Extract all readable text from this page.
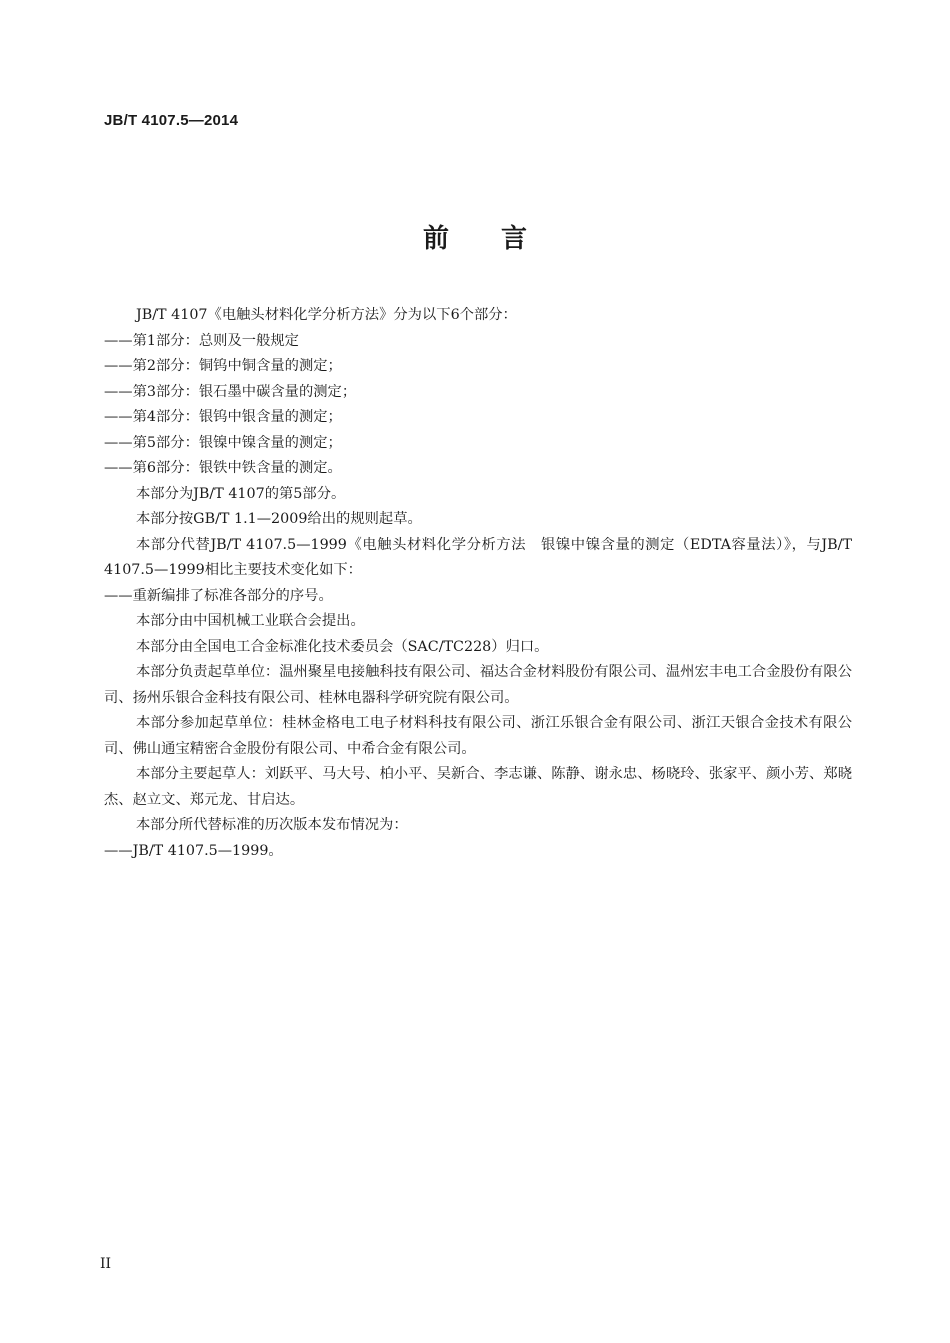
JB/T 4107.5—2014
前 言

JB/T 4107《电触头材料化学分析方法》分为以下6个部分：

——第1部分：总则及一般规定

——第2部分：铜钨中铜含量的测定；

——第3部分：银石墨中碳含量的测定；

——第4部分：银钨中银含量的测定；

——第5部分：银镍中镍含量的测定；

——第6部分：银铁中铁含量的测定。

本部分为JB/T 4107的第5部分。

本部分按GB/T 1.1—2009给出的规则起草。

本部分代替JB/T 4107.5—1999《电触头材料化学分析方法　银镍中镍含量的测定（EDTA容量法）》，与JB/T 4107.5—1999相比主要技术变化如下：

——重新编排了标准各部分的序号。

本部分由中国机械工业联合会提出。

本部分由全国电工合金标准化技术委员会（SAC/TC228）归口。

本部分负责起草单位：温州聚星电接触科技有限公司、福达合金材料股份有限公司、温州宏丰电工合金股份有限公司、扬州乐银合金科技有限公司、桂林电器科学研究院有限公司。

本部分参加起草单位：桂林金格电工电子材料科技有限公司、浙江乐银合金有限公司、浙江天银合金技术有限公司、佛山通宝精密合金股份有限公司、中希合金有限公司。

本部分主要起草人：刘跃平、马大号、柏小平、吴新合、李志谦、陈静、谢永忠、杨晓玲、张家平、颜小芳、郑晓杰、赵立文、郑元龙、甘启达。

本部分所代替标准的历次版本发布情况为：

——JB/T 4107.5—1999。

II
